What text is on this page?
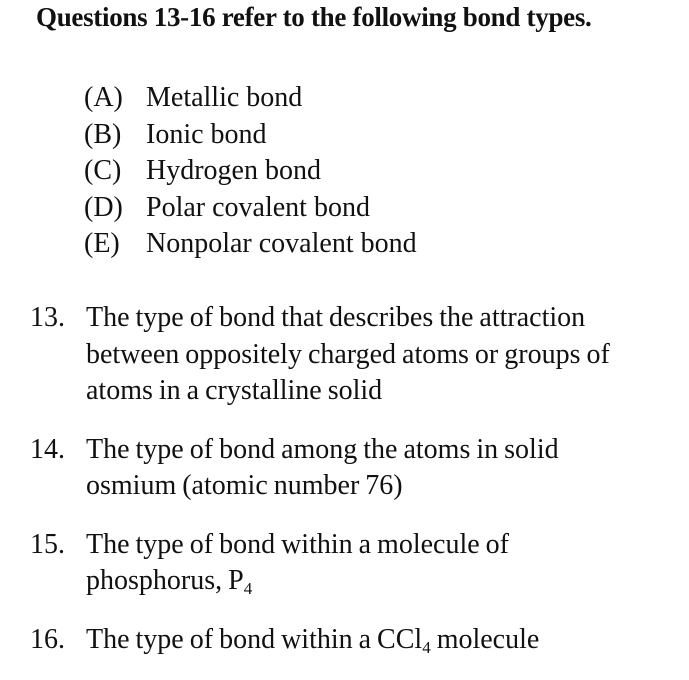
Questions 13-16 refer to the following bond types.
(A) Metallic bond
(B) Ionic bond
(C) Hydrogen bond
(D) Polar covalent bond
(E) Nonpolar covalent bond
13. The type of bond that describes the attraction
between oppositely charged atoms or groups of
atoms in a crystalline solid
14. The type of bond among the atoms in solid
osmium (atomic number 76)
15. The type of bond within a molecule of
phosphorus, $P_4$
16. The type of bond within a CCl$_4$ molecule
